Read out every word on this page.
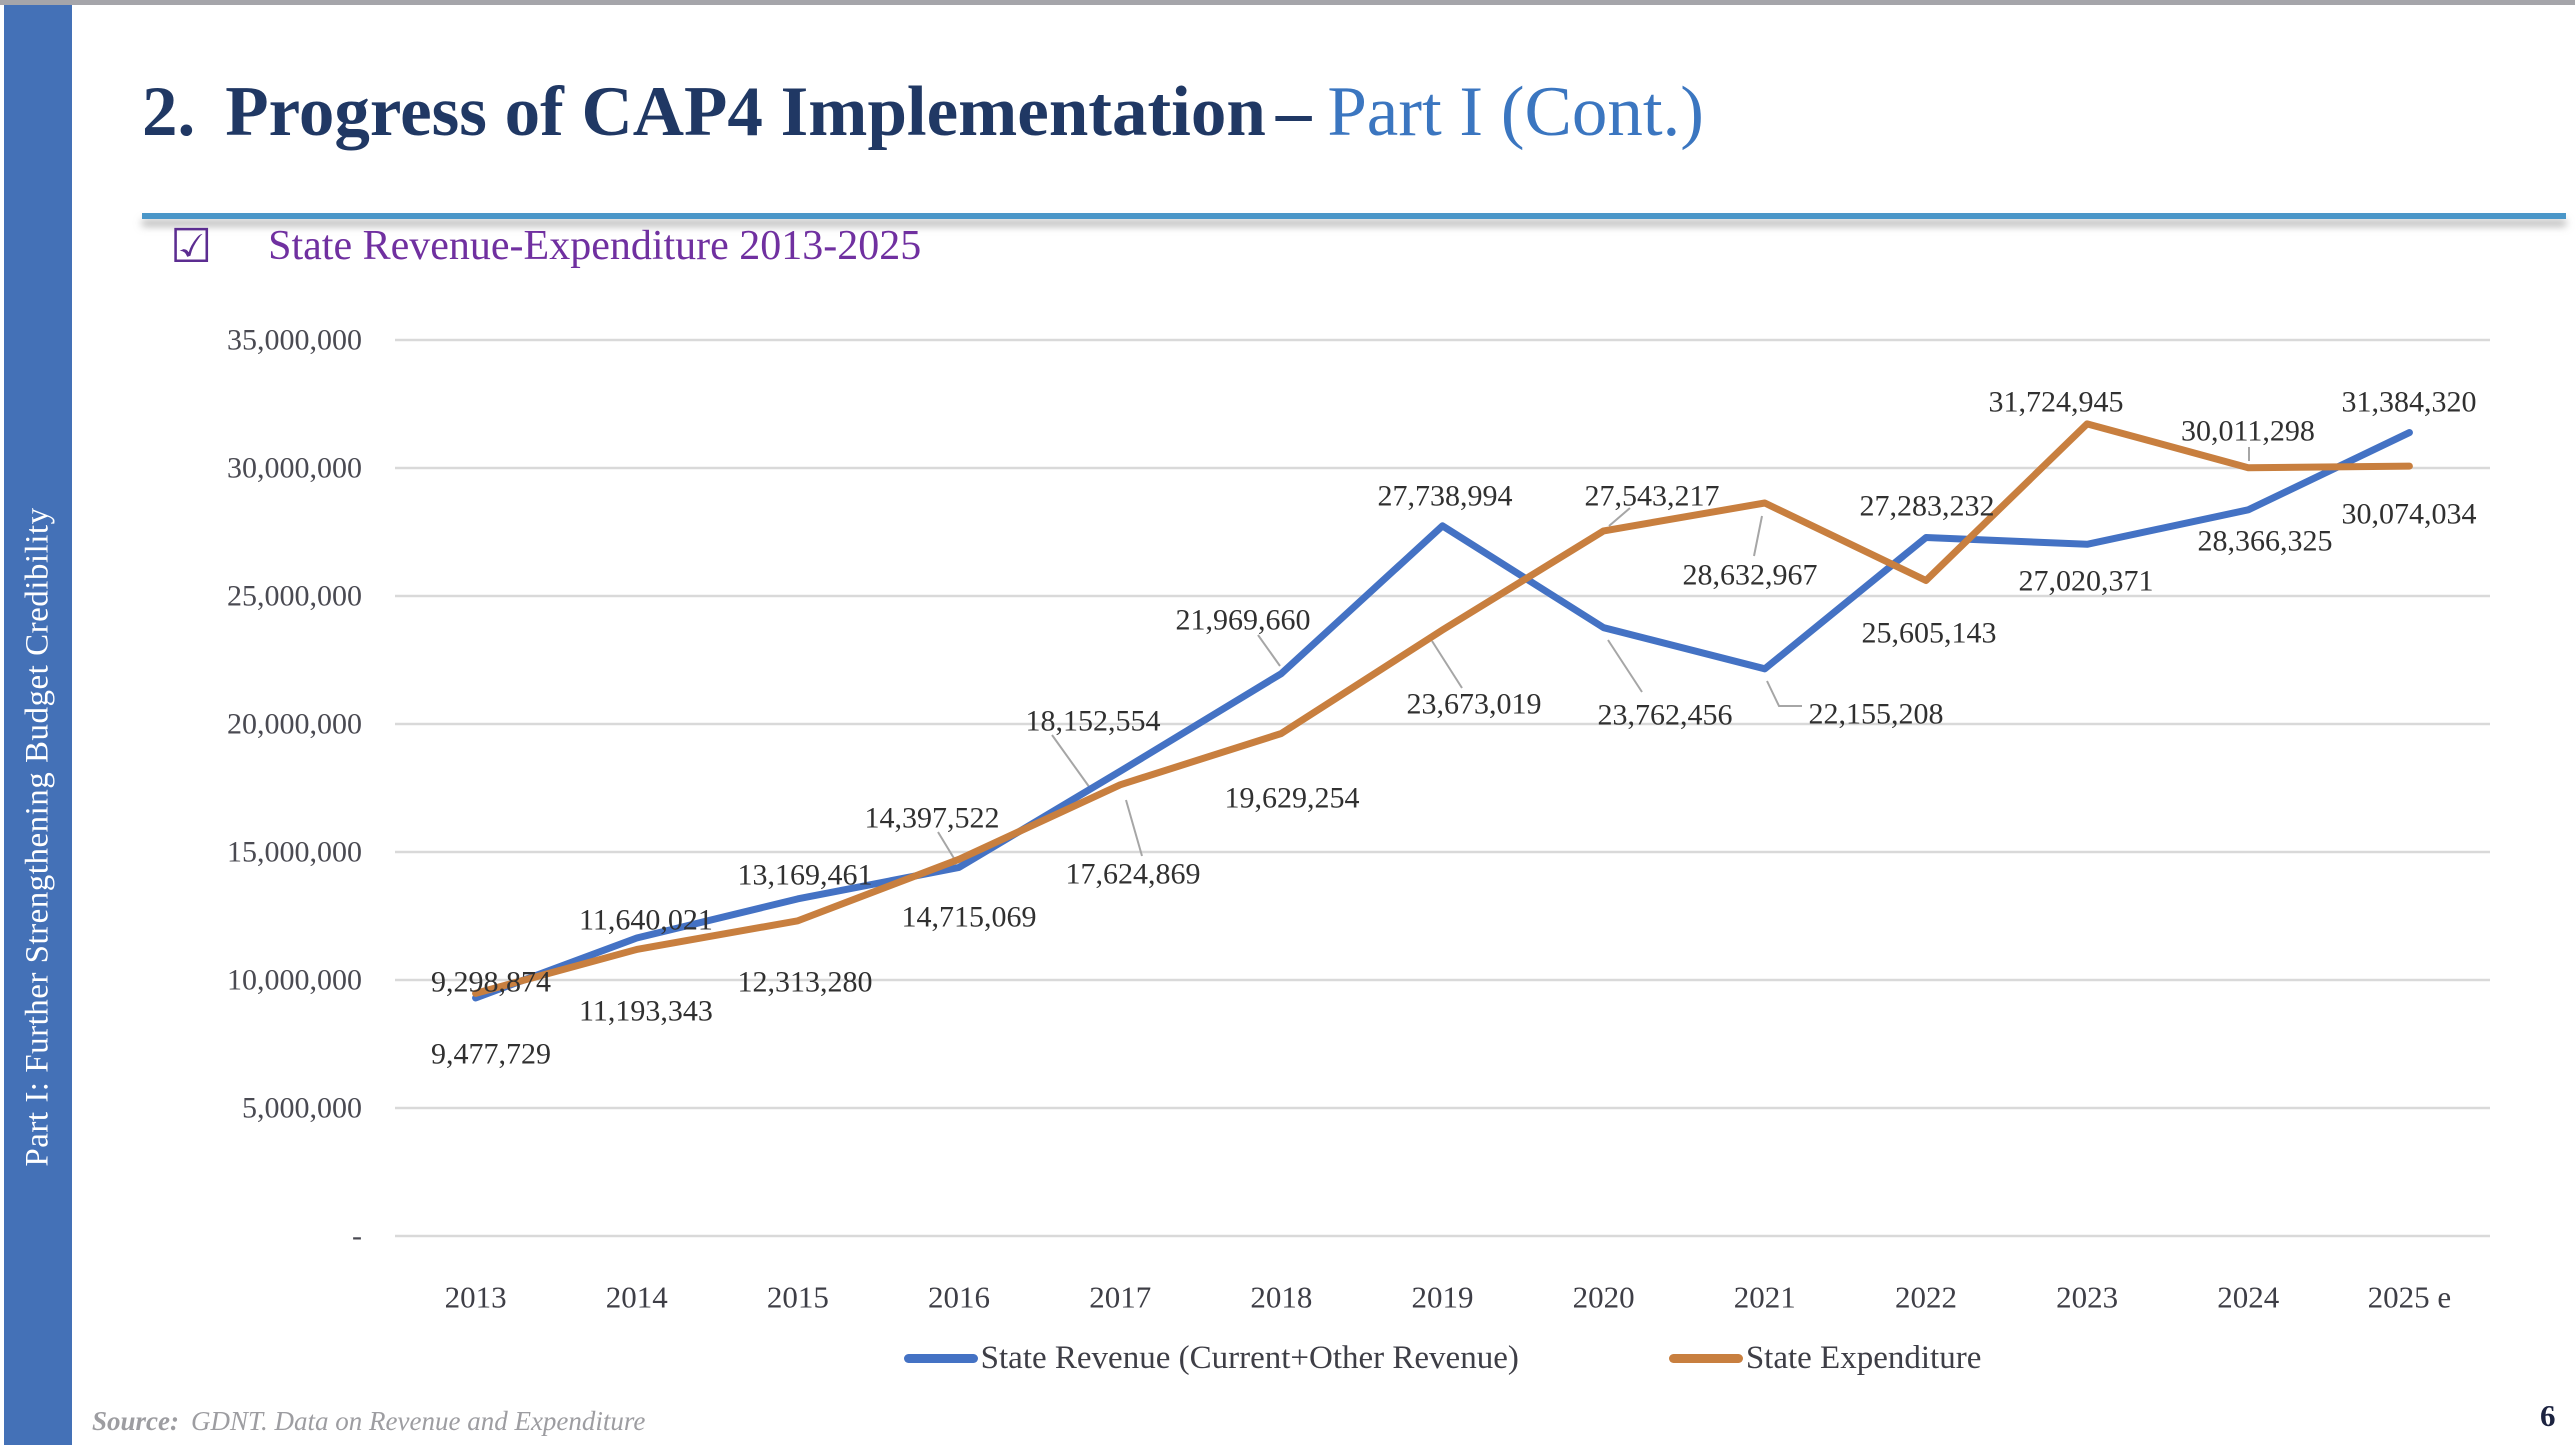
Part I: Further Strengthening Budget Credibility
2. Progress of CAP4 Implementation – Part I (Cont.)
☑ State Revenue-Expenditure 2013-2025
35,000,000
30,000,000
25,000,000
20,000,000
15,000,000
10,000,000
5,000,000
-
2013	2014	2015	2016	2017	2018	2019	2020	2021	2022	2023	2024	2025 e
9,298,874
11,640,021
13,169,461
14,397,522
18,152,554
21,969,660
27,738,994
23,762,456	22,155,208
27,283,232
27,020,371
28,366,325
31,384,320
9,477,729
11,193,343
12,313,280
14,715,069
17,624,869
19,629,254
23,673,019
27,543,217
28,632,967
25,605,143
31,724,945
30,011,298
30,074,034
State Revenue (Current+Other Revenue)	State Expenditure
Source: GDNT. Data on Revenue and Expenditure	6
